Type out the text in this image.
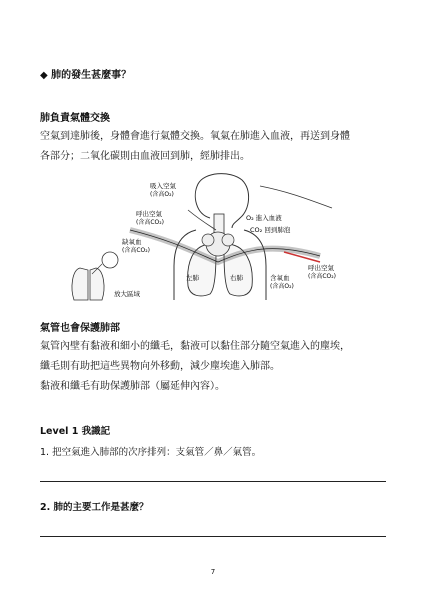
◆ 肺的發生甚麼事？
肺負責氣體交換
空氣到達肺後，身體會進行氣體交換。氧氣在肺進入血液，再送到身體
各部分；二氧化碳則由血液回到肺，經肺排出。
吸入空氣
(含高O₂)
呼出空氣
(含高CO₂)
O₂ 進入血液
CO₂ 回到肺泡
缺氧血
(含高CO₂)
左肺	右肺	含氧血
(含高O₂)
呼出空氣
(含高CO₂)
放大區域
氣管也會保護肺部
氣管內壁有黏液和細小的纖毛，黏液可以黏住部分隨空氣進入的塵埃，
纖毛則有助把這些異物向外移動，減少塵埃進入肺部。
黏液和纖毛有助保護肺部（屬延伸內容）。
Level 1 我識記
1. 把空氣進入肺部的次序排列：支氣管／鼻／氣管。
2. 肺的主要工作是甚麼？
7
